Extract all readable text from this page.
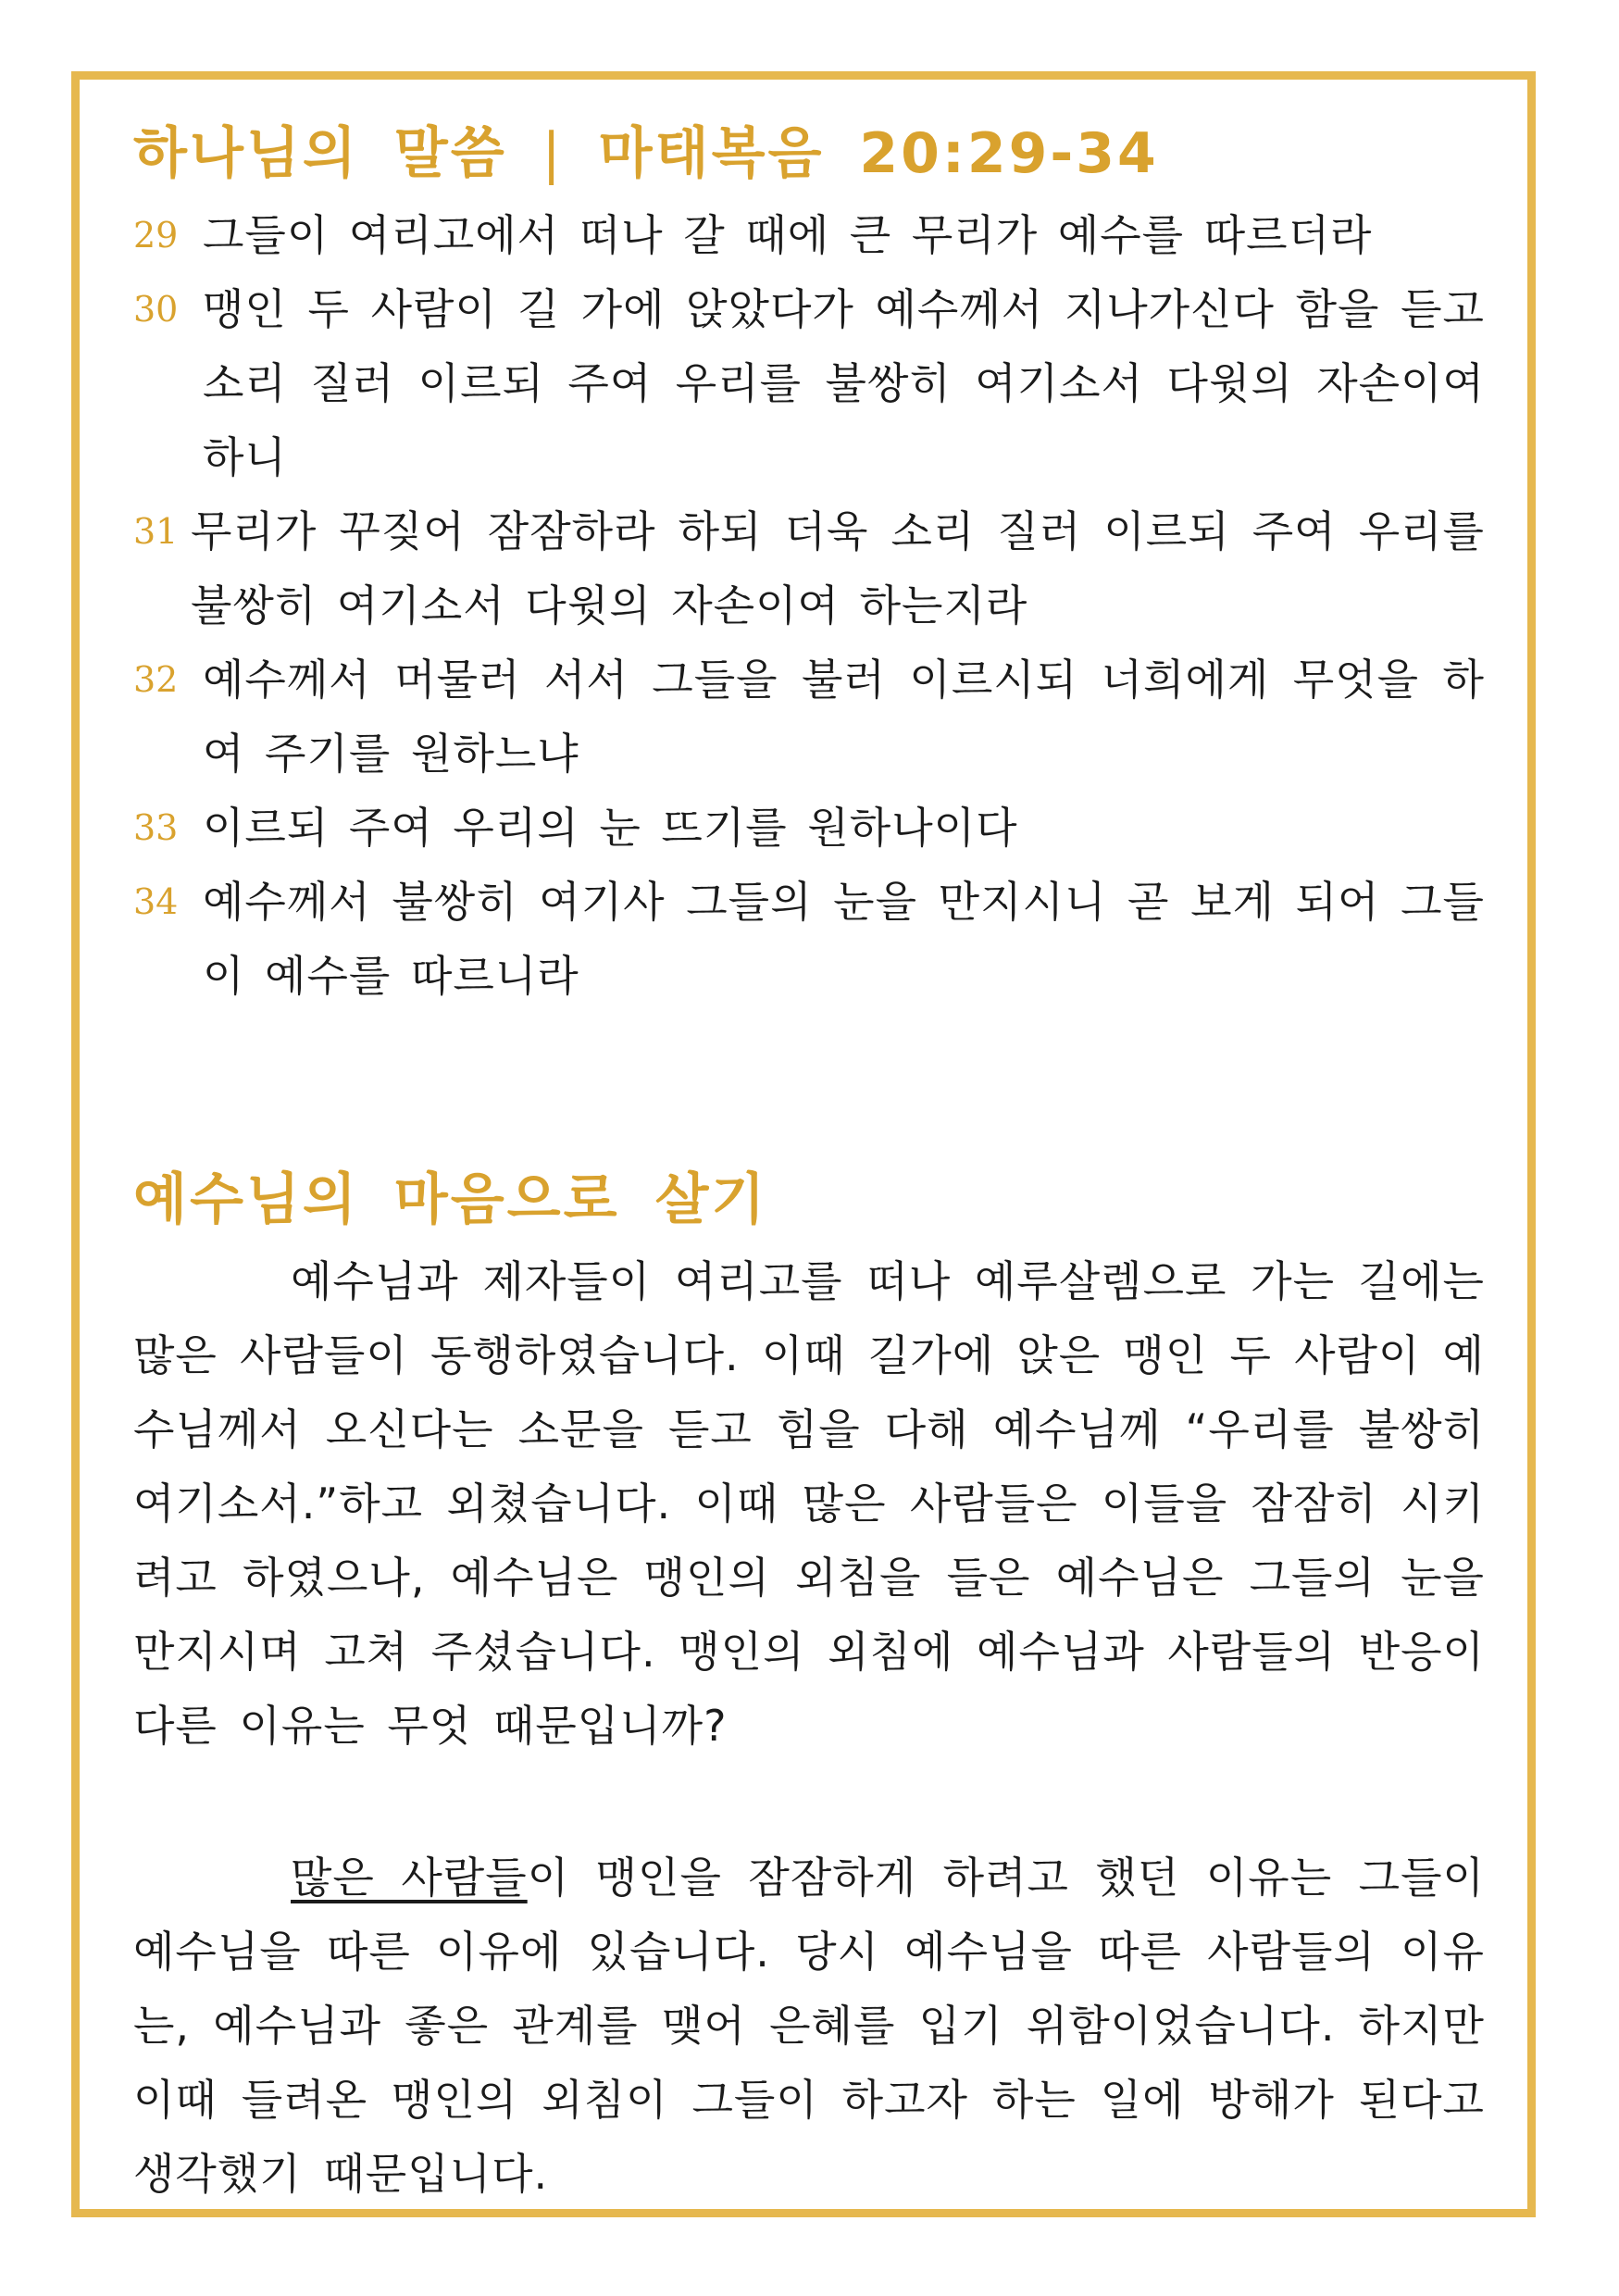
하나님의 말씀 | 마태복음 20:29-34
29 그들이 여리고에서 떠나 갈 때에 큰 무리가 예수를 따르더라
30 맹인 두 사람이 길 가에 앉았다가 예수께서 지나가신다 함을 듣고 소리 질러 이르되 주여 우리를 불쌍히 여기소서 다윗의 자손이여 하니
31 무리가 꾸짖어 잠잠하라 하되 더욱 소리 질러 이르되 주여 우리를 불쌍히 여기소서 다윗의 자손이여 하는지라
32 예수께서 머물러 서서 그들을 불러 이르시되 너희에게 무엇을 하여 주기를 원하느냐
33 이르되 주여 우리의 눈 뜨기를 원하나이다
34 예수께서 불쌍히 여기사 그들의 눈을 만지시니 곧 보게 되어 그들이 예수를 따르니라
예수님의 마음으로 살기

예수님과 제자들이 여리고를 떠나 예루살렘으로 가는 길에는 많은 사람들이 동행하였습니다. 이때 길가에 앉은 맹인 두 사람이 예수님께서 오신다는 소문을 듣고 힘을 다해 예수님께 “우리를 불쌍히 여기소서.”하고 외쳤습니다. 이때 많은 사람들은 이들을 잠잠히 시키려고 하였으나, 예수님은 맹인의 외침을 들은 예수님은 그들의 눈을 만지시며 고쳐 주셨습니다. 맹인의 외침에 예수님과 사람들의 반응이 다른 이유는 무엇 때문입니까?

많은 사람들이 맹인을 잠잠하게 하려고 했던 이유는 그들이 예수님을 따른 이유에 있습니다. 당시 예수님을 따른 사람들의 이유는, 예수님과 좋은 관계를 맺어 은혜를 입기 위함이었습니다. 하지만 이때 들려온 맹인의 외침이 그들이 하고자 하는 일에 방해가 된다고 생각했기 때문입니다.
